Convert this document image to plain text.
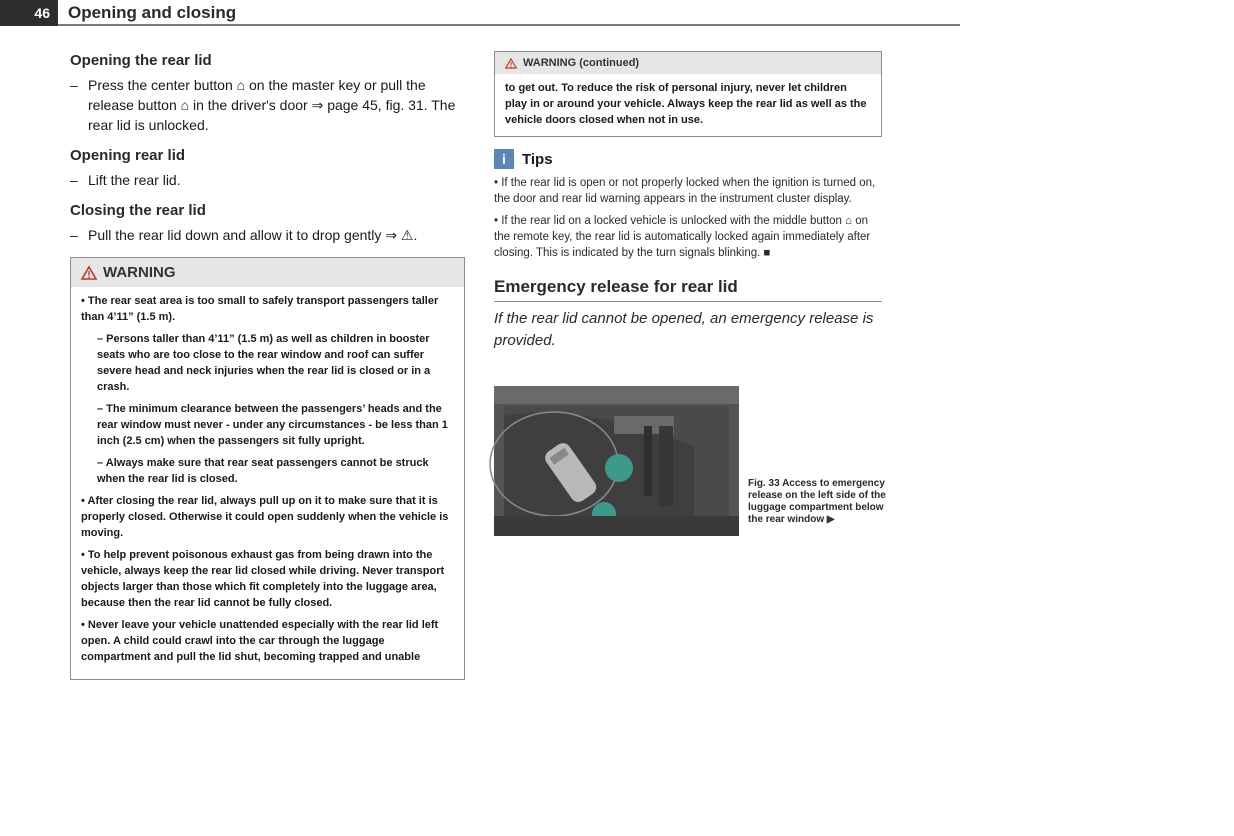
46 Opening and closing
Opening the rear lid

– Press the center button ⌂ on the master key or pull the release button ⌂ in the driver's door ⇒ page 45, fig. 31. The rear lid is unlocked.

Opening rear lid

– Lift the rear lid.

Closing the rear lid

– Pull the rear lid down and allow it to drop gently ⇒ ⚠.

WARNING

• The rear seat area is too small to safely transport passengers taller than 4’11” (1.5 m).

– Persons taller than 4’11” (1.5 m) as well as children in booster seats who are too close to the rear window and roof can suffer severe head and neck injuries when the rear lid is closed or in a crash.

– The minimum clearance between the passengers’ heads and the rear window must never - under any circumstances - be less than 1 inch (2.5 cm) when the passengers sit fully upright.

– Always make sure that rear seat passengers cannot be struck when the rear lid is closed.

• After closing the rear lid, always pull up on it to make sure that it is properly closed. Otherwise it could open suddenly when the vehicle is moving.

• To help prevent poisonous exhaust gas from being drawn into the vehicle, always keep the rear lid closed while driving. Never transport objects larger than those which fit completely into the luggage area, because then the rear lid cannot be fully closed.

• Never leave your vehicle unattended especially with the rear lid left open. A child could crawl into the car through the luggage compartment and pull the lid shut, becoming trapped and unable

WARNING (continued)
to get out. To reduce the risk of personal injury, never let children play in or around your vehicle. Always keep the rear lid as well as the vehicle doors closed when not in use.
i	Tips

• If the rear lid is open or not properly locked when the ignition is turned on, the door and rear lid warning appears in the instrument cluster display.

• If the rear lid on a locked vehicle is unlocked with the middle button ⌂ on the remote key, the rear lid is automatically locked again immediately after closing. This is indicated by the turn signals blinking. ■

Emergency release for rear lid

If the rear lid cannot be opened, an emergency release is provided.

B8J-0439
Fig. 33 Access to emergency release on the left side of the luggage compartment below the rear window ▶
